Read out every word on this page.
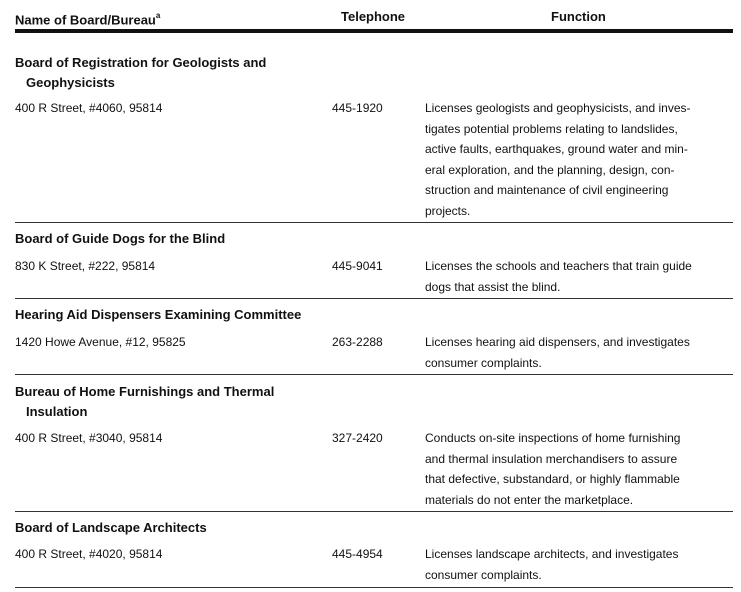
Name of Board/Bureau$^a$	Telephone	Function
Board of Registration for Geologists and
Geophysicists
400 R Street, #4060, 95814	445-1920	Licenses geologists and geophysicists, and inves-
tigates potential problems relating to landslides,
active faults, earthquakes, ground water and min-
eral exploration, and the planning, design, con-
struction and maintenance of civil engineering
projects.
Board of Guide Dogs for the Blind
830 K Street, #222, 95814	445-9041	Licenses the schools and teachers that train guide
dogs that assist the blind.
Hearing Aid Dispensers Examining Committee
1420 Howe Avenue, #12, 95825	263-2288	Licenses hearing aid dispensers, and investigates
consumer complaints.
Bureau of Home Furnishings and Thermal
Insulation
400 R Street, #3040, 95814	327-2420	Conducts on-site inspections of home furnishing
and thermal insulation merchandisers to assure
that defective, substandard, or highly flammable
materials do not enter the marketplace.
Board of Landscape Architects
400 R Street, #4020, 95814	445-4954	Licenses landscape architects, and investigates
consumer complaints.
